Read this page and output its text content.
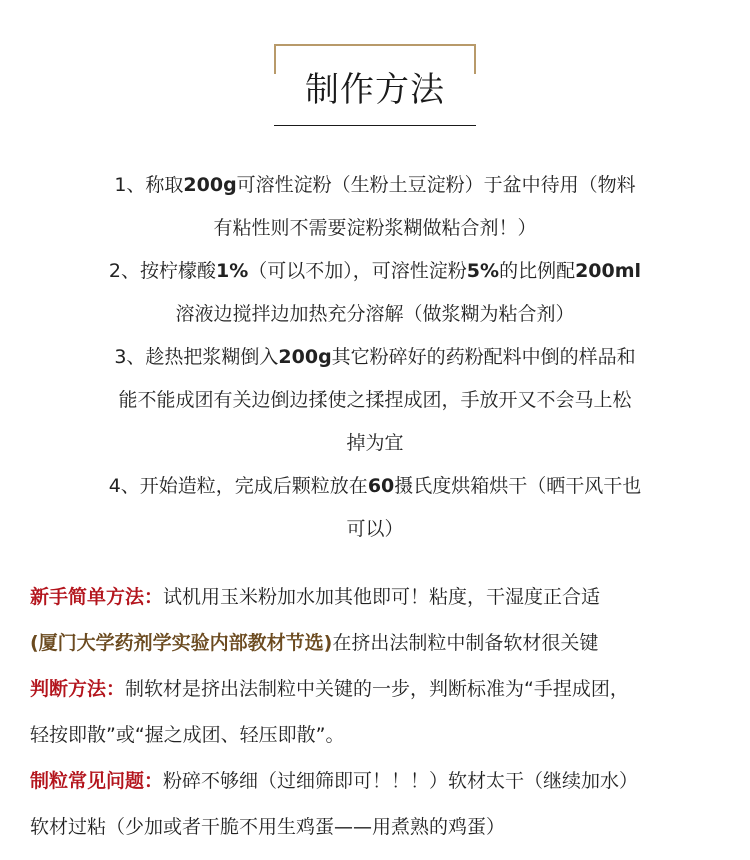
制作方法
1、称取200g可溶性淀粉（生粉土豆淀粉）于盆中待用（物料
有粘性则不需要淀粉浆糊做粘合剂！）
2、按柠檬酸1%（可以不加），可溶性淀粉5%的比例配200ml
溶液边搅拌边加热充分溶解（做浆糊为粘合剂）
3、趁热把浆糊倒入200g其它粉碎好的药粉配料中倒的样品和
能不能成团有关边倒边揉使之揉捏成团，手放开又不会马上松
掉为宜
4、开始造粒，完成后颗粒放在60摄氏度烘箱烘干（晒干风干也
可以）
新手简单方法：试机用玉米粉加水加其他即可！粘度，干湿度正合适
(厦门大学药剂学实验内部教材节选)在挤出法制粒中制备软材很关键
判断方法：制软材是挤出法制粒中关键的一步，判断标准为“手捏成团，
轻按即散”或“握之成团、轻压即散”。
制粒常见问题：粉碎不够细（过细筛即可！！！）软材太干（继续加水）
软材过粘（少加或者干脆不用生鸡蛋——用煮熟的鸡蛋）
